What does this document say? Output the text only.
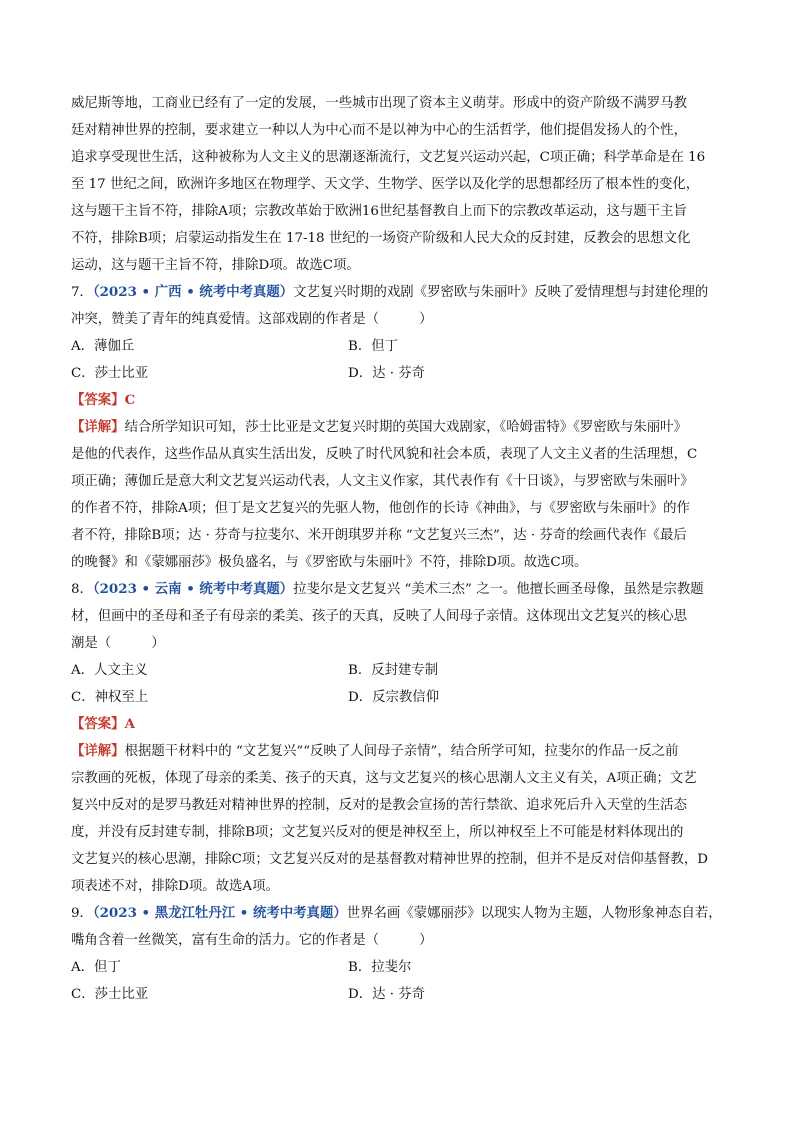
威尼斯等地，工商业已经有了一定的发展，一些城市出现了资本主义萌芽。形成中的资产阶级不满罗马教
廷对精神世界的控制，要求建立一种以人为中心而不是以神为中心的生活哲学，他们提倡发扬人的个性，
追求享受现世生活，这种被称为人文主义的思潮逐渐流行，文艺复兴运动兴起，C项正确；科学革命是在 16
至 17 世纪之间，欧洲许多地区在物理学、天文学、生物学、医学以及化学的思想都经历了根本性的变化，
这与题干主旨不符，排除A项；宗教改革始于欧洲16世纪基督教自上而下的宗教改革运动，这与题干主旨
不符，排除B项；启蒙运动指发生在 17-18 世纪的一场资产阶级和人民大众的反封建，反教会的思想文化
运动，这与题干主旨不符，排除D项。故选C项。
7．（2023 • 广西 • 统考中考真题）文艺复兴时期的戏剧《罗密欧与朱丽叶》反映了爱情理想与封建伦理的
冲突，赞美了青年的纯真爱情。这部戏剧的作者是（　　　）
A．薄伽丘	B．但丁
C．莎士比亚	D．达 · 芬奇
【答案】C
【详解】结合所学知识可知，莎士比亚是文艺复兴时期的英国大戏剧家，《哈姆雷特》《罗密欧与朱丽叶》
是他的代表作，这些作品从真实生活出发，反映了时代风貌和社会本质，表现了人文主义者的生活理想，C
项正确；薄伽丘是意大利文艺复兴运动代表，人文主义作家，其代表作有《十日谈》，与罗密欧与朱丽叶》
的作者不符，排除A项；但丁是文艺复兴的先驱人物，他创作的长诗《神曲》，与《罗密欧与朱丽叶》的作
者不符，排除B项；达 · 芬奇与拉斐尔、米开朗琪罗并称 “文艺复兴三杰”，达 · 芬奇的绘画代表作《最后
的晚餐》和《蒙娜丽莎》极负盛名，与《罗密欧与朱丽叶》不符，排除D项。故选C项。
8．（2023 • 云南 • 统考中考真题）拉斐尔是文艺复兴 “美术三杰” 之一。他擅长画圣母像，虽然是宗教题
材，但画中的圣母和圣子有母亲的柔美、孩子的天真，反映了人间母子亲情。这体现出文艺复兴的核心思
潮是（　　　）
A．人文主义	B．反封建专制
C．神权至上	D．反宗教信仰
【答案】A
【详解】根据题干材料中的 “文艺复兴”“反映了人间母子亲情”，结合所学可知，拉斐尔的作品一反之前
宗教画的死板，体现了母亲的柔美、孩子的天真，这与文艺复兴的核心思潮人文主义有关，A项正确；文艺
复兴中反对的是罗马教廷对精神世界的控制，反对的是教会宣扬的苦行禁欲、追求死后升入天堂的生活态
度，并没有反封建专制，排除B项；文艺复兴反对的便是神权至上，所以神权至上不可能是材料体现出的
文艺复兴的核心思潮，排除C项；文艺复兴反对的是基督教对精神世界的控制，但并不是反对信仰基督教，D
项表述不对，排除D项。故选A项。
9．（2023 • 黑龙江牡丹江 • 统考中考真题）世界名画《蒙娜丽莎》以现实人物为主题，人物形象神态自若，
嘴角含着一丝微笑，富有生命的活力。它的作者是（　　　）
A．但丁	B．拉斐尔
C．莎士比亚	D．达 · 芬奇
